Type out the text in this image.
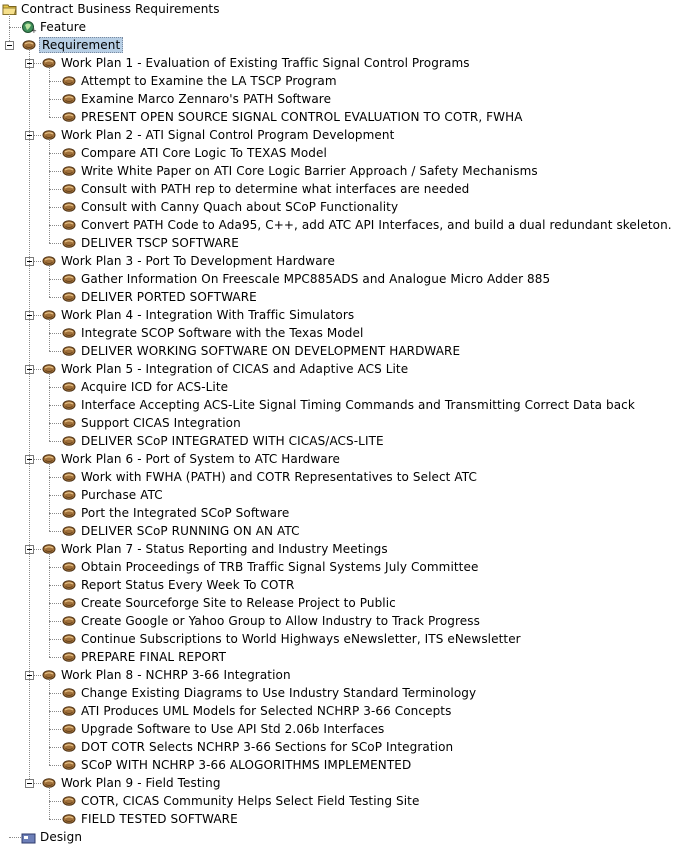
Contract Business Requirements
+ Feature
Requirement
Work Plan 1 - Evaluation of Existing Traffic Signal Control Programs
Attempt to Examine the LA TSCP Program
Examine Marco Zennaro's PATH Software
PRESENT OPEN SOURCE SIGNAL CONTROL EVALUATION TO COTR, FWHA
Work Plan 2 - ATI Signal Control Program Development
Compare ATI Core Logic To TEXAS Model
Write White Paper on ATI Core Logic Barrier Approach / Safety Mechanisms
Consult with PATH rep to determine what interfaces are needed
Consult with Canny Quach about SCoP Functionality
Convert PATH Code to Ada95, C++, add ATC API Interfaces, and build a dual redundant skeleton.
DELIVER TSCP SOFTWARE
Work Plan 3 - Port To Development Hardware
Gather Information On Freescale MPC885ADS and Analogue Micro Adder 885
DELIVER PORTED SOFTWARE
Work Plan 4 - Integration With Traffic Simulators
Integrate SCOP Software with the Texas Model
DELIVER WORKING SOFTWARE ON DEVELOPMENT HARDWARE
Work Plan 5 - Integration of CICAS and Adaptive ACS Lite
Acquire ICD for ACS-Lite
Interface Accepting ACS-Lite Signal Timing Commands and Transmitting Correct Data back
Support CICAS Integration
DELIVER SCoP INTEGRATED WITH CICAS/ACS-LITE
Work Plan 6 - Port of System to ATC Hardware
Work with FWHA (PATH) and COTR Representatives to Select ATC
Purchase ATC
Port the Integrated SCoP Software
DELIVER SCoP RUNNING ON AN ATC
Work Plan 7 - Status Reporting and Industry Meetings
Obtain Proceedings of TRB Traffic Signal Systems July Committee
Report Status Every Week To COTR
Create Sourceforge Site to Release Project to Public
Create Google or Yahoo Group to Allow Industry to Track Progress
Continue Subscriptions to World Highways eNewsletter, ITS eNewsletter
PREPARE FINAL REPORT
Work Plan 8 - NCHRP 3-66 Integration
Change Existing Diagrams to Use Industry Standard Terminology
ATI Produces UML Models for Selected NCHRP 3-66 Concepts
Upgrade Software to Use API Std 2.06b Interfaces
DOT COTR Selects NCHRP 3-66 Sections for SCoP Integration
SCoP WITH NCHRP 3-66 ALOGORITHMS IMPLEMENTED
Work Plan 9 - Field Testing
COTR, CICAS Community Helps Select Field Testing Site
FIELD TESTED SOFTWARE
Design
